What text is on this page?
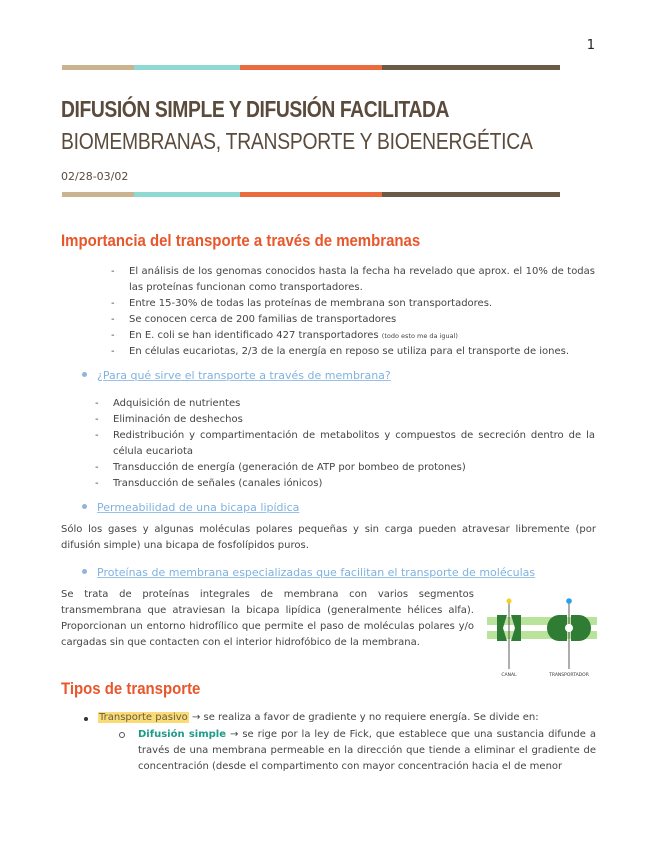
1
DIFUSIÓN SIMPLE Y DIFUSIÓN FACILITADA
BIOMEMBRANAS, TRANSPORTE Y BIOENERGÉTICA
02/28-03/02
Importancia del transporte a través de membranas
- El análisis de los genomas conocidos hasta la fecha ha revelado que aprox. el 10% de todas las proteínas funcionan como transportadores.
- Entre 15-30% de todas las proteínas de membrana son transportadores.
- Se conocen cerca de 200 familias de transportadores
- En E. coli se han identificado 427 transportadores (todo esto me da igual)
- En células eucariotas, 2/3 de la energía en reposo se utiliza para el transporte de iones.
¿Para qué sirve el transporte a través de membrana?
- Adquisición de nutrientes
- Eliminación de deshechos
- Redistribución y compartimentación de metabolitos y compuestos de secreción dentro de la célula eucariota
- Transducción de energía (generación de ATP por bombeo de protones)
- Transducción de señales (canales iónicos)
Permeabilidad de una bicapa lipídica
Sólo los gases y algunas moléculas polares pequeñas y sin carga pueden atravesar libremente (por difusión simple) una bicapa de fosfolípidos puros.
Proteínas de membrana especializadas que facilitan el transporte de moléculas
Se trata de proteínas integrales de membrana con varios segmentos transmembrana que atraviesan la bicapa lipídica (generalmente hélices alfa). Proporcionan un entorno hidrofílico que permite el paso de moléculas polares y/o cargadas sin que contacten con el interior hidrofóbico de la membrana.
CANAL	TRANSPORTADOR
Tipos de transporte
Transporte pasivo → se realiza a favor de gradiente y no requiere energía. Se divide en:
Difusión simple → se rige por la ley de Fick, que establece que una sustancia difunde a través de una membrana permeable en la dirección que tiende a eliminar el gradiente de concentración (desde el compartimento con mayor concentración hacia el de menor
